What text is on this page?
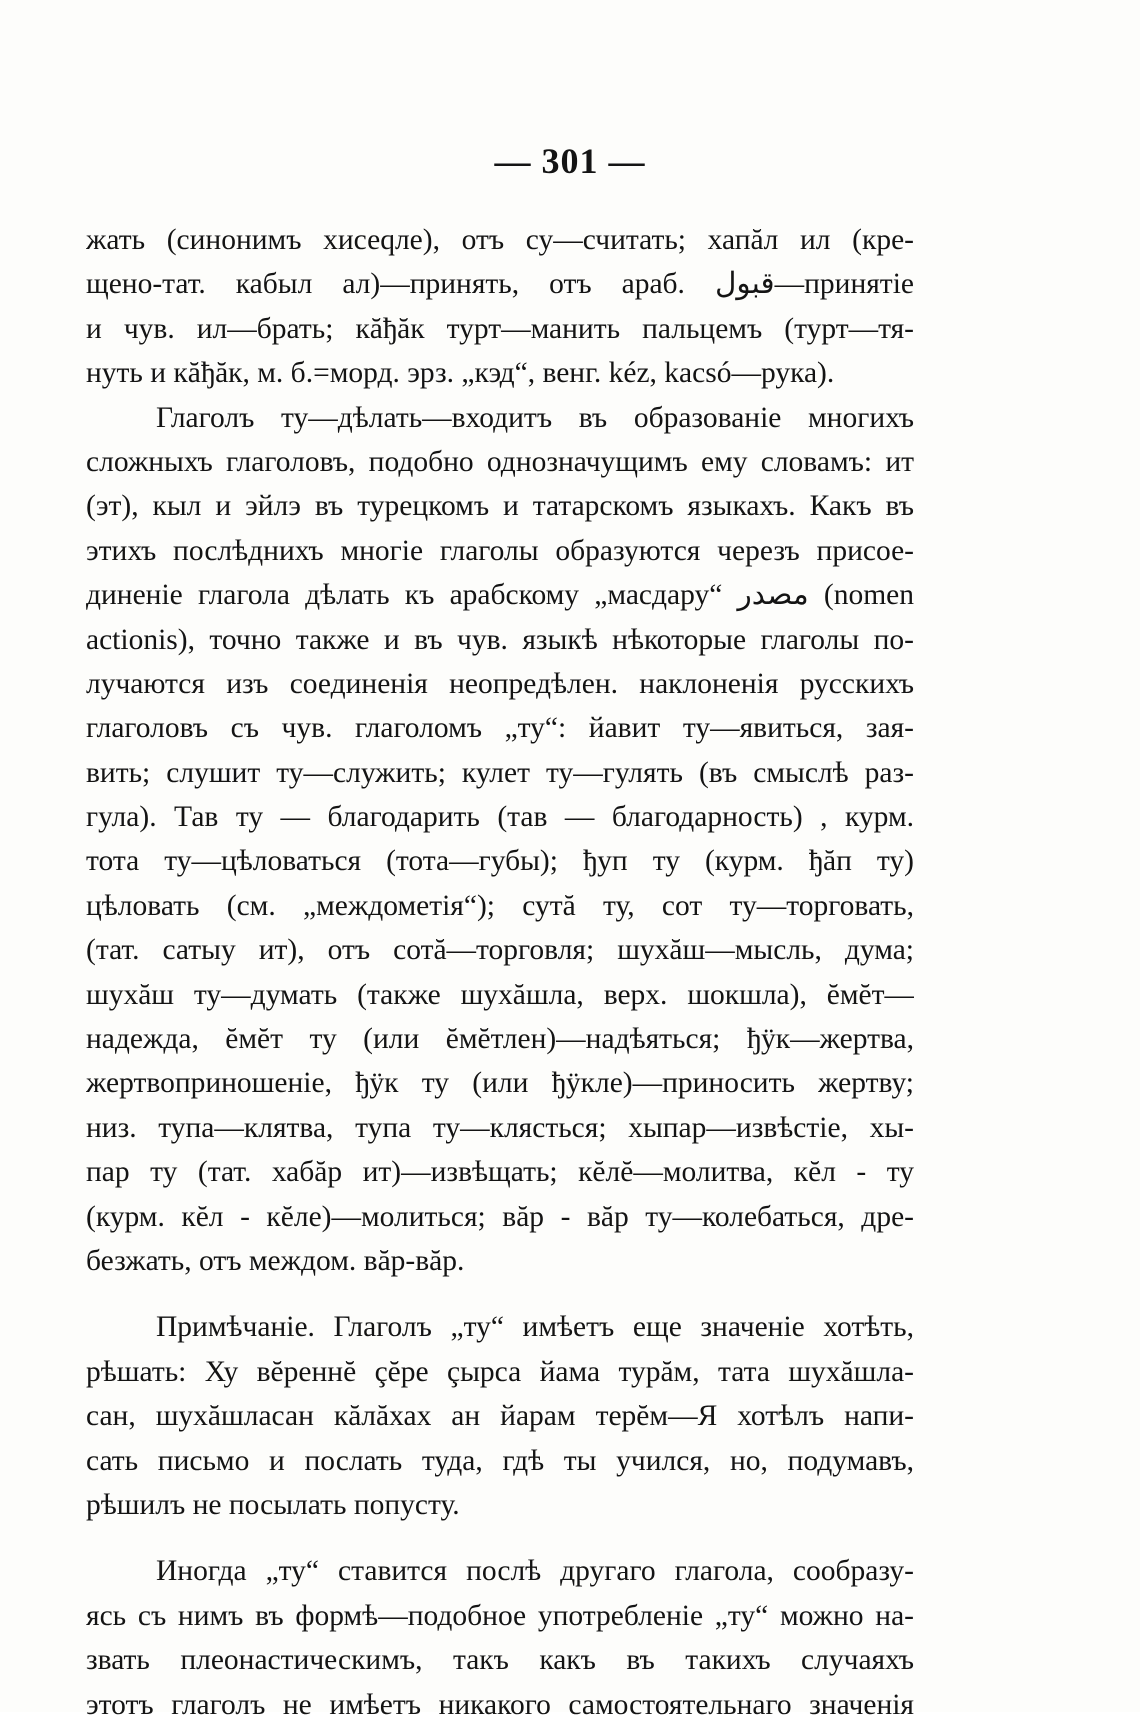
— 301 —
жать (синонимъ хисеqле), отъ су—считать; хапăл ил (кре-
щено-тат. кабыл ал)—принять, отъ араб. قبول—принятіе
и чув. ил—брать; кăђăк турт—манить пальцемъ (турт—тя-
нуть и кăђăк, м. б.=морд. эрз. „кэд“, венг. kéz, kacsó—рука).
Глаголъ ту—дѣлать—входитъ въ образованіе многихъ
сложныхъ глаголовъ, подобно однозначущимъ ему словамъ: ит
(эт), кыл и эйлэ въ турецкомъ и татарскомъ языкахъ. Какъ въ
этихъ послѣднихъ многіе глаголы образуются черезъ присое-
диненіе глагола дѣлать къ арабскому „масдару“ مصدر (nomen
actionis), точно также и въ чув. языкѣ нѣкоторые глаголы по-
лучаются изъ соединенія неопредѣлен. наклоненія русскихъ
глаголовъ съ чув. глаголомъ „ту“: йавит ту—явиться, зая-
вить; слушит ту—служить; кулет ту—гулять (въ смыслѣ раз-
гула). Тав ту — благодарить (тав — благодарность) , курм.
тота ту—цѣловаться (тота—губы); ђуп ту (курм. ђăп ту)
цѣловать (см. „междометія“); сутă ту, сот ту—торговать,
(тат. сатыу ит), отъ сотă—торговля; шухăш—мысль, дума;
шухăш ту—думать (также шухăшла, верх. шокшла), ĕмĕт—
надежда, ĕмĕт ту (или ĕмĕтлен)—надѣяться; ђÿк—жертва,
жертвоприношеніе, ђÿк ту (или ђÿкле)—приносить жертву;
низ. тупа—клятва, тупа ту—клясться; хыпар—извѣстіе, хы-
пар ту (тат. хабăр ит)—извѣщать; кĕлĕ—молитва, кĕл - ту
(курм. кĕл - кĕле)—молиться; вăр - вăр ту—колебаться, дре-
безжать, отъ междом. вăр-вăр.
Примѣчаніе. Глаголъ „ту“ имѣетъ еще значеніе хотѣть,
рѣшать: Ху вĕреннĕ çĕре çырса йама турăм, тата шухăшла-
сан, шухăшласан кăлăхах ан йарам терĕм—Я хотѣлъ напи-
сать письмо и послать туда, гдѣ ты учился, но, подумавъ,
рѣшилъ не посылать попусту.
Иногда „ту“ ставится послѣ другаго глагола, сообразу-
ясь съ нимъ въ формѣ—подобное употребленіе „ту“ можно на-
звать плеонастическимъ, такъ какъ въ такихъ случаяхъ
этотъ глаголъ не имѣетъ никакого самостоятельнаго значенія
